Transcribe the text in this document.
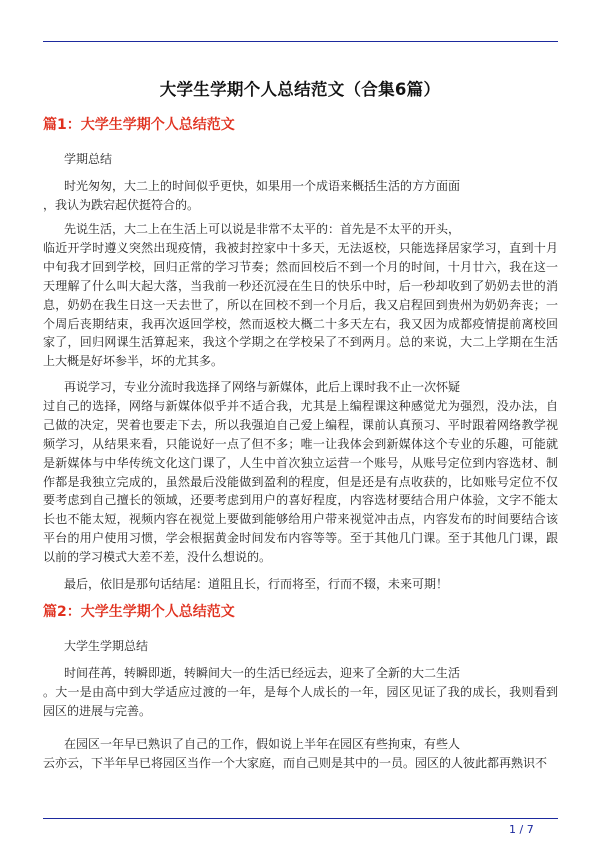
大学生学期个人总结范文（合集6篇）
篇1：大学生学期个人总结范文
学期总结
时光匆匆，大二上的时间似乎更快，如果用一个成语来概括生活的方方面面
，我认为跌宕起伏挺符合的。
先说生活，大二上在生活上可以说是非常不太平的：首先是不太平的开头，
临近开学时遵义突然出现疫情，我被封控家中十多天，无法返校，只能选择居家学习，直到十月中旬我才回到学校，回归正常的学习节奏；然而回校后不到一个月的时间，十月廿六，我在这一天理解了什么叫大起大落，当我前一秒还沉浸在生日的快乐中时，后一秒却收到了奶奶去世的消息，奶奶在我生日这一天去世了，所以在回校不到一个月后，我又启程回到贵州为奶奶奔丧；一个周后丧期结束，我再次返回学校，然而返校大概二十多天左右，我又因为成都疫情提前离校回家了，回归网课生活算起来，我这个学期之在学校呆了不到两月。总的来说，大二上学期在生活上大概是好坏参半，坏的尤其多。
再说学习，专业分流时我选择了网络与新媒体，此后上课时我不止一次怀疑
过自己的选择，网络与新媒体似乎并不适合我，尤其是上编程课这种感觉尤为强烈，没办法，自己做的决定，哭着也要走下去，所以我强迫自己爱上编程，课前认真预习、平时跟着网络教学视频学习，从结果来看，只能说好一点了但不多；唯一让我体会到新媒体这个专业的乐趣，可能就是新媒体与中华传统文化这门课了，人生中首次独立运营一个账号，从账号定位到内容选材、制作都是我独立完成的，虽然最后没能做到盈利的程度，但是还是有点收获的，比如账号定位不仅要考虑到自己擅长的领域，还要考虑到用户的喜好程度，内容选材要结合用户体验，文字不能太长也不能太短，视频内容在视觉上要做到能够给用户带来视觉冲击点，内容发布的时间要结合该平台的用户使用习惯，学会根据黄金时间发布内容等等。至于其他几门课。至于其他几门课，跟以前的学习模式大差不差，没什么想说的。
最后，依旧是那句话结尾：道阻且长，行而将至，行而不辍，未来可期！
篇2：大学生学期个人总结范文
大学生学期总结
时间荏苒，转瞬即逝，转瞬间大一的生活已经远去，迎来了全新的大二生活
。大一是由高中到大学适应过渡的一年，是每个人成长的一年，园区见证了我的成长，我则看到园区的进展与完善。
在园区一年早已熟识了自己的工作，假如说上半年在园区有些拘束，有些人
云亦云，下半年早已将园区当作一个大家庭，而自己则是其中的一员。园区的人彼此都再熟识不
1 / 7
